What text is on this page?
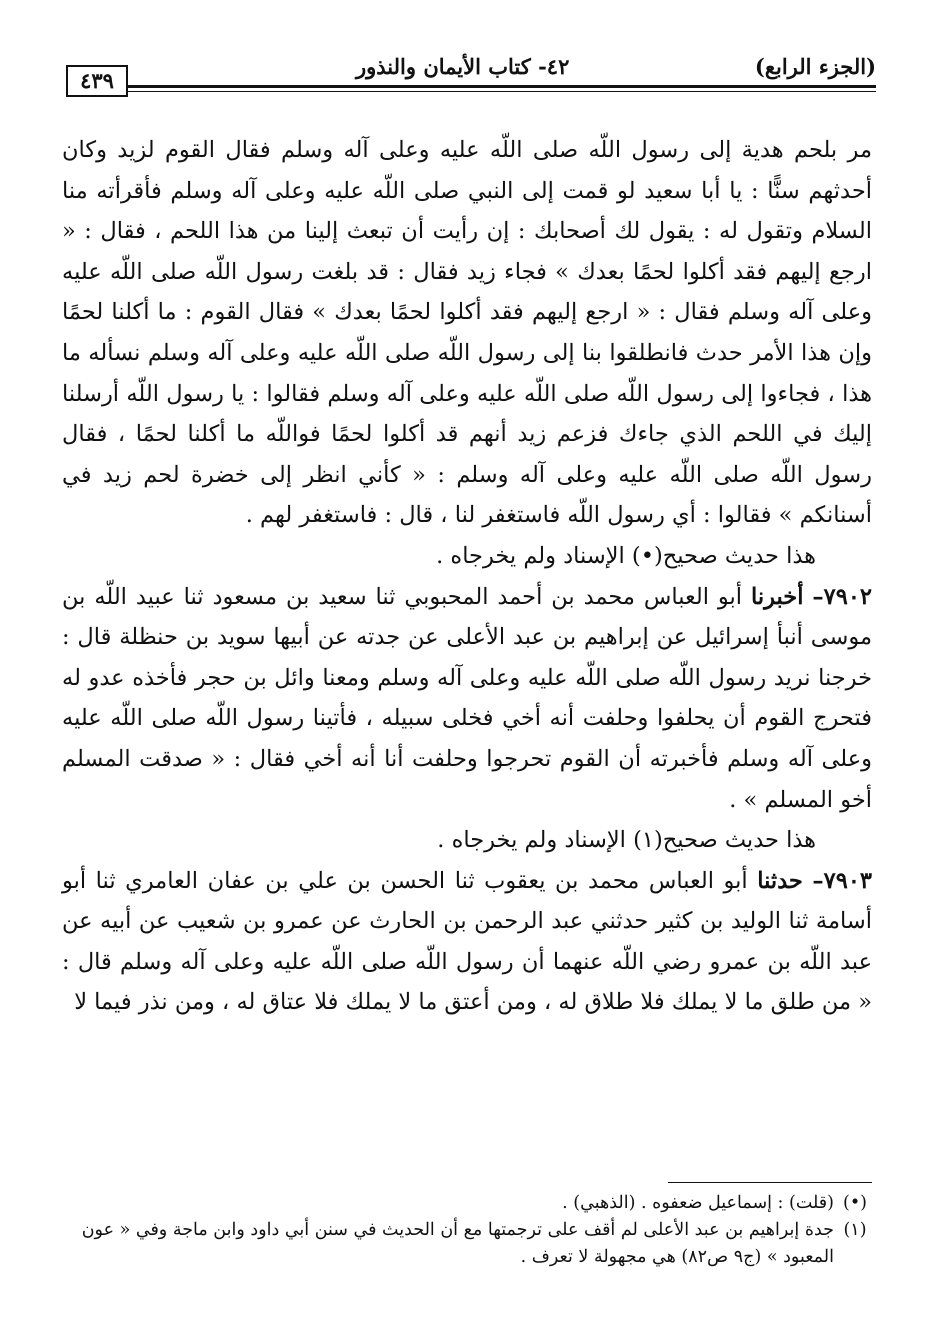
(الجزء الرابع)
٤٢- كتاب الأيمان والنذور
٤٣٩

مر بلحم هدية إلى رسول اللّه صلى اللّه عليه وعلى آله وسلم فقال القوم لزيد وكان أحدثهم سنًّا : يا أبا سعيد لو قمت إلى النبي صلى اللّه عليه وعلى آله وسلم فأقرأته منا السلام وتقول له : يقول لك أصحابك : إن رأيت أن تبعث إلينا من هذا اللحم ، فقال : « ارجع إليهم فقد أكلوا لحمًا بعدك » فجاء زيد فقال : قد بلغت رسول اللّه صلى اللّه عليه وعلى آله وسلم فقال : « ارجع إليهم فقد أكلوا لحمًا بعدك » فقال القوم : ما أكلنا لحمًا وإن هذا الأمر حدث فانطلقوا بنا إلى رسول اللّه صلى اللّه عليه وعلى آله وسلم نسأله ما هذا ، فجاءوا إلى رسول اللّه صلى اللّه عليه وعلى آله وسلم فقالوا : يا رسول اللّه أرسلنا إليك في اللحم الذي جاءك فزعم زيد أنهم قد أكلوا لحمًا فواللّه ما أكلنا لحمًا ، فقال رسول اللّه صلى اللّه عليه وعلى آله وسلم : « كأني انظر إلى خضرة لحم زيد في أسنانكم » فقالوا : أي رسول اللّه فاستغفر لنا ، قال : فاستغفر لهم .

هذا حديث صحيح(•) الإسناد ولم يخرجاه .

٧٩٠٢– أخبرنا أبو العباس محمد بن أحمد المحبوبي ثنا سعيد بن مسعود ثنا عبيد اللّه بن موسى أنبأ إسرائيل عن إبراهيم بن عبد الأعلى عن جدته عن أبيها سويد بن حنظلة قال : خرجنا نريد رسول اللّه صلى اللّه عليه وعلى آله وسلم ومعنا وائل بن حجر فأخذه عدو له فتحرج القوم أن يحلفوا وحلفت أنه أخي فخلى سبيله ، فأتينا رسول اللّه صلى اللّه عليه وعلى آله وسلم فأخبرته أن القوم تحرجوا وحلفت أنا أنه أخي فقال : « صدقت المسلم أخو المسلم » .

هذا حديث صحيح(١) الإسناد ولم يخرجاه .

٧٩٠٣– حدثنا أبو العباس محمد بن يعقوب ثنا الحسن بن علي بن عفان العامري ثنا أبو أسامة ثنا الوليد بن كثير حدثني عبد الرحمن بن الحارث عن عمرو بن شعيب عن أبيه عن عبد اللّه بن عمرو رضي اللّه عنهما أن رسول اللّه صلى اللّه عليه وعلى آله وسلم قال : « من طلق ما لا يملك فلا طلاق له ، ومن أعتق ما لا يملك فلا عتاق له ، ومن نذر فيما لا

(•)
(قلت) : إسماعيل ضعفوه . (الذهبي) .

(١)
جدة إبراهيم بن عبد الأعلى لم أقف على ترجمتها مع أن الحديث في سنن أبي داود وابن ماجة وفي « عون المعبود » (ج٩ ص٨٢) هي مجهولة لا تعرف .
